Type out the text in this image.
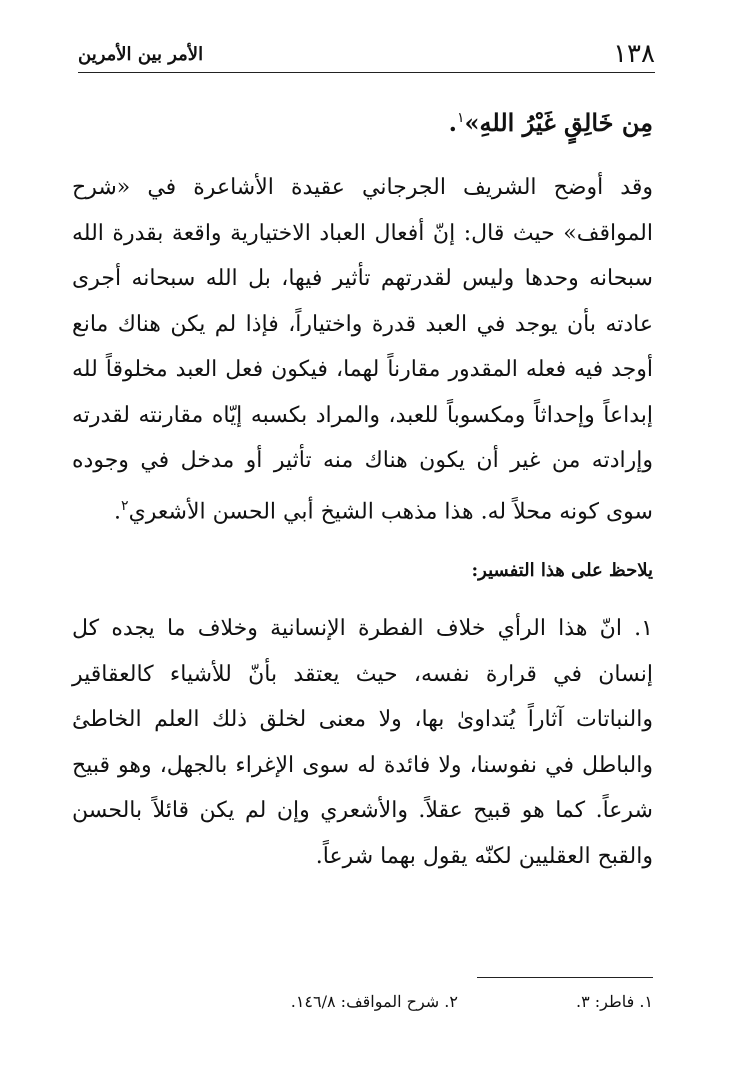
١٣٨
الأمر بين الأمرين

مِن خَالِقٍ غَيْرُ اللهِ»$^١$.

وقد أوضح الشريف الجرجاني عقيدة الأشاعرة في «شرح المواقف» حيث قال: إنّ أفعال العباد الاختيارية واقعة بقدرة الله سبحانه وحدها وليس لقدرتهم تأثير فيها، بل الله سبحانه أجرى عادته بأن يوجد في العبد قدرة واختياراً، فإذا لم يكن هناك مانع أوجد فيه فعله المقدور مقارناً لهما، فيكون فعل العبد مخلوقاً لله إبداعاً وإحداثاً ومكسوباً للعبد، والمراد بكسبه إيّاه مقارنته لقدرته وإرادته من غير أن يكون هناك منه تأثير أو مدخل في وجوده سوى كونه محلاً له. هذا مذهب الشيخ أبي الحسن الأشعري$^٢$.

يلاحظ على هذا التفسير:

١. انّ هذا الرأي خلاف الفطرة الإنسانية وخلاف ما يجده كل إنسان في قرارة نفسه، حيث يعتقد بأنّ للأشياء كالعقاقير والنباتات آثاراً يُتداوىٰ بها، ولا معنى لخلق ذلك العلم الخاطئ والباطل في نفوسنا، ولا فائدة له سوى الإغراء بالجهل، وهو قبيح شرعاً. كما هو قبيح عقلاً. والأشعري وإن لم يكن قائلاً بالحسن والقبح العقليين لكنّه يقول بهما شرعاً.

١. فاطر: ٣.
٢. شرح المواقف: ١٤٦/٨.
